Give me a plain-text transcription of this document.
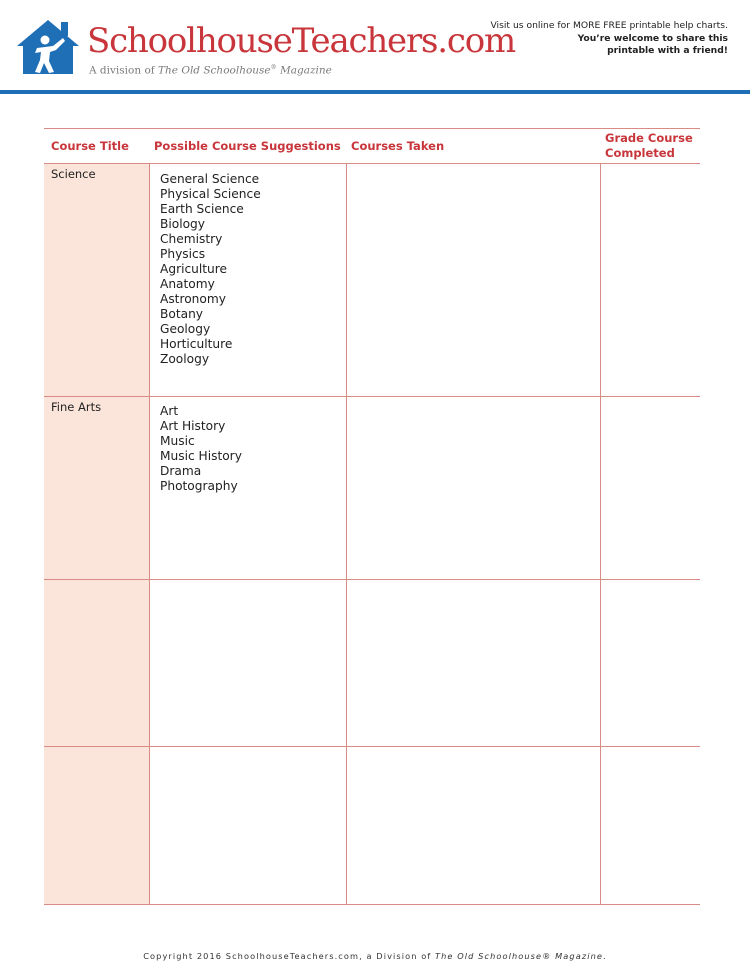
SchoolhouseTeachers.com
A division of The Old Schoolhouse® Magazine
Visit us online for MORE FREE printable help charts.
You’re welcome to share this
printable with a friend!
Course Title Possible Course Suggestions Courses Taken
Grade Course Completed
Science	General Science
Physical Science
Earth Science
Biology
Chemistry
Physics
Agriculture
Anatomy
Astronomy
Botany
Geology
Horticulture
Zoology
Fine Arts	Art
Art History
Music
Music History
Drama
Photography
Copyright 2016 SchoolhouseTeachers.com, a Division of The Old Schoolhouse® Magazine.
